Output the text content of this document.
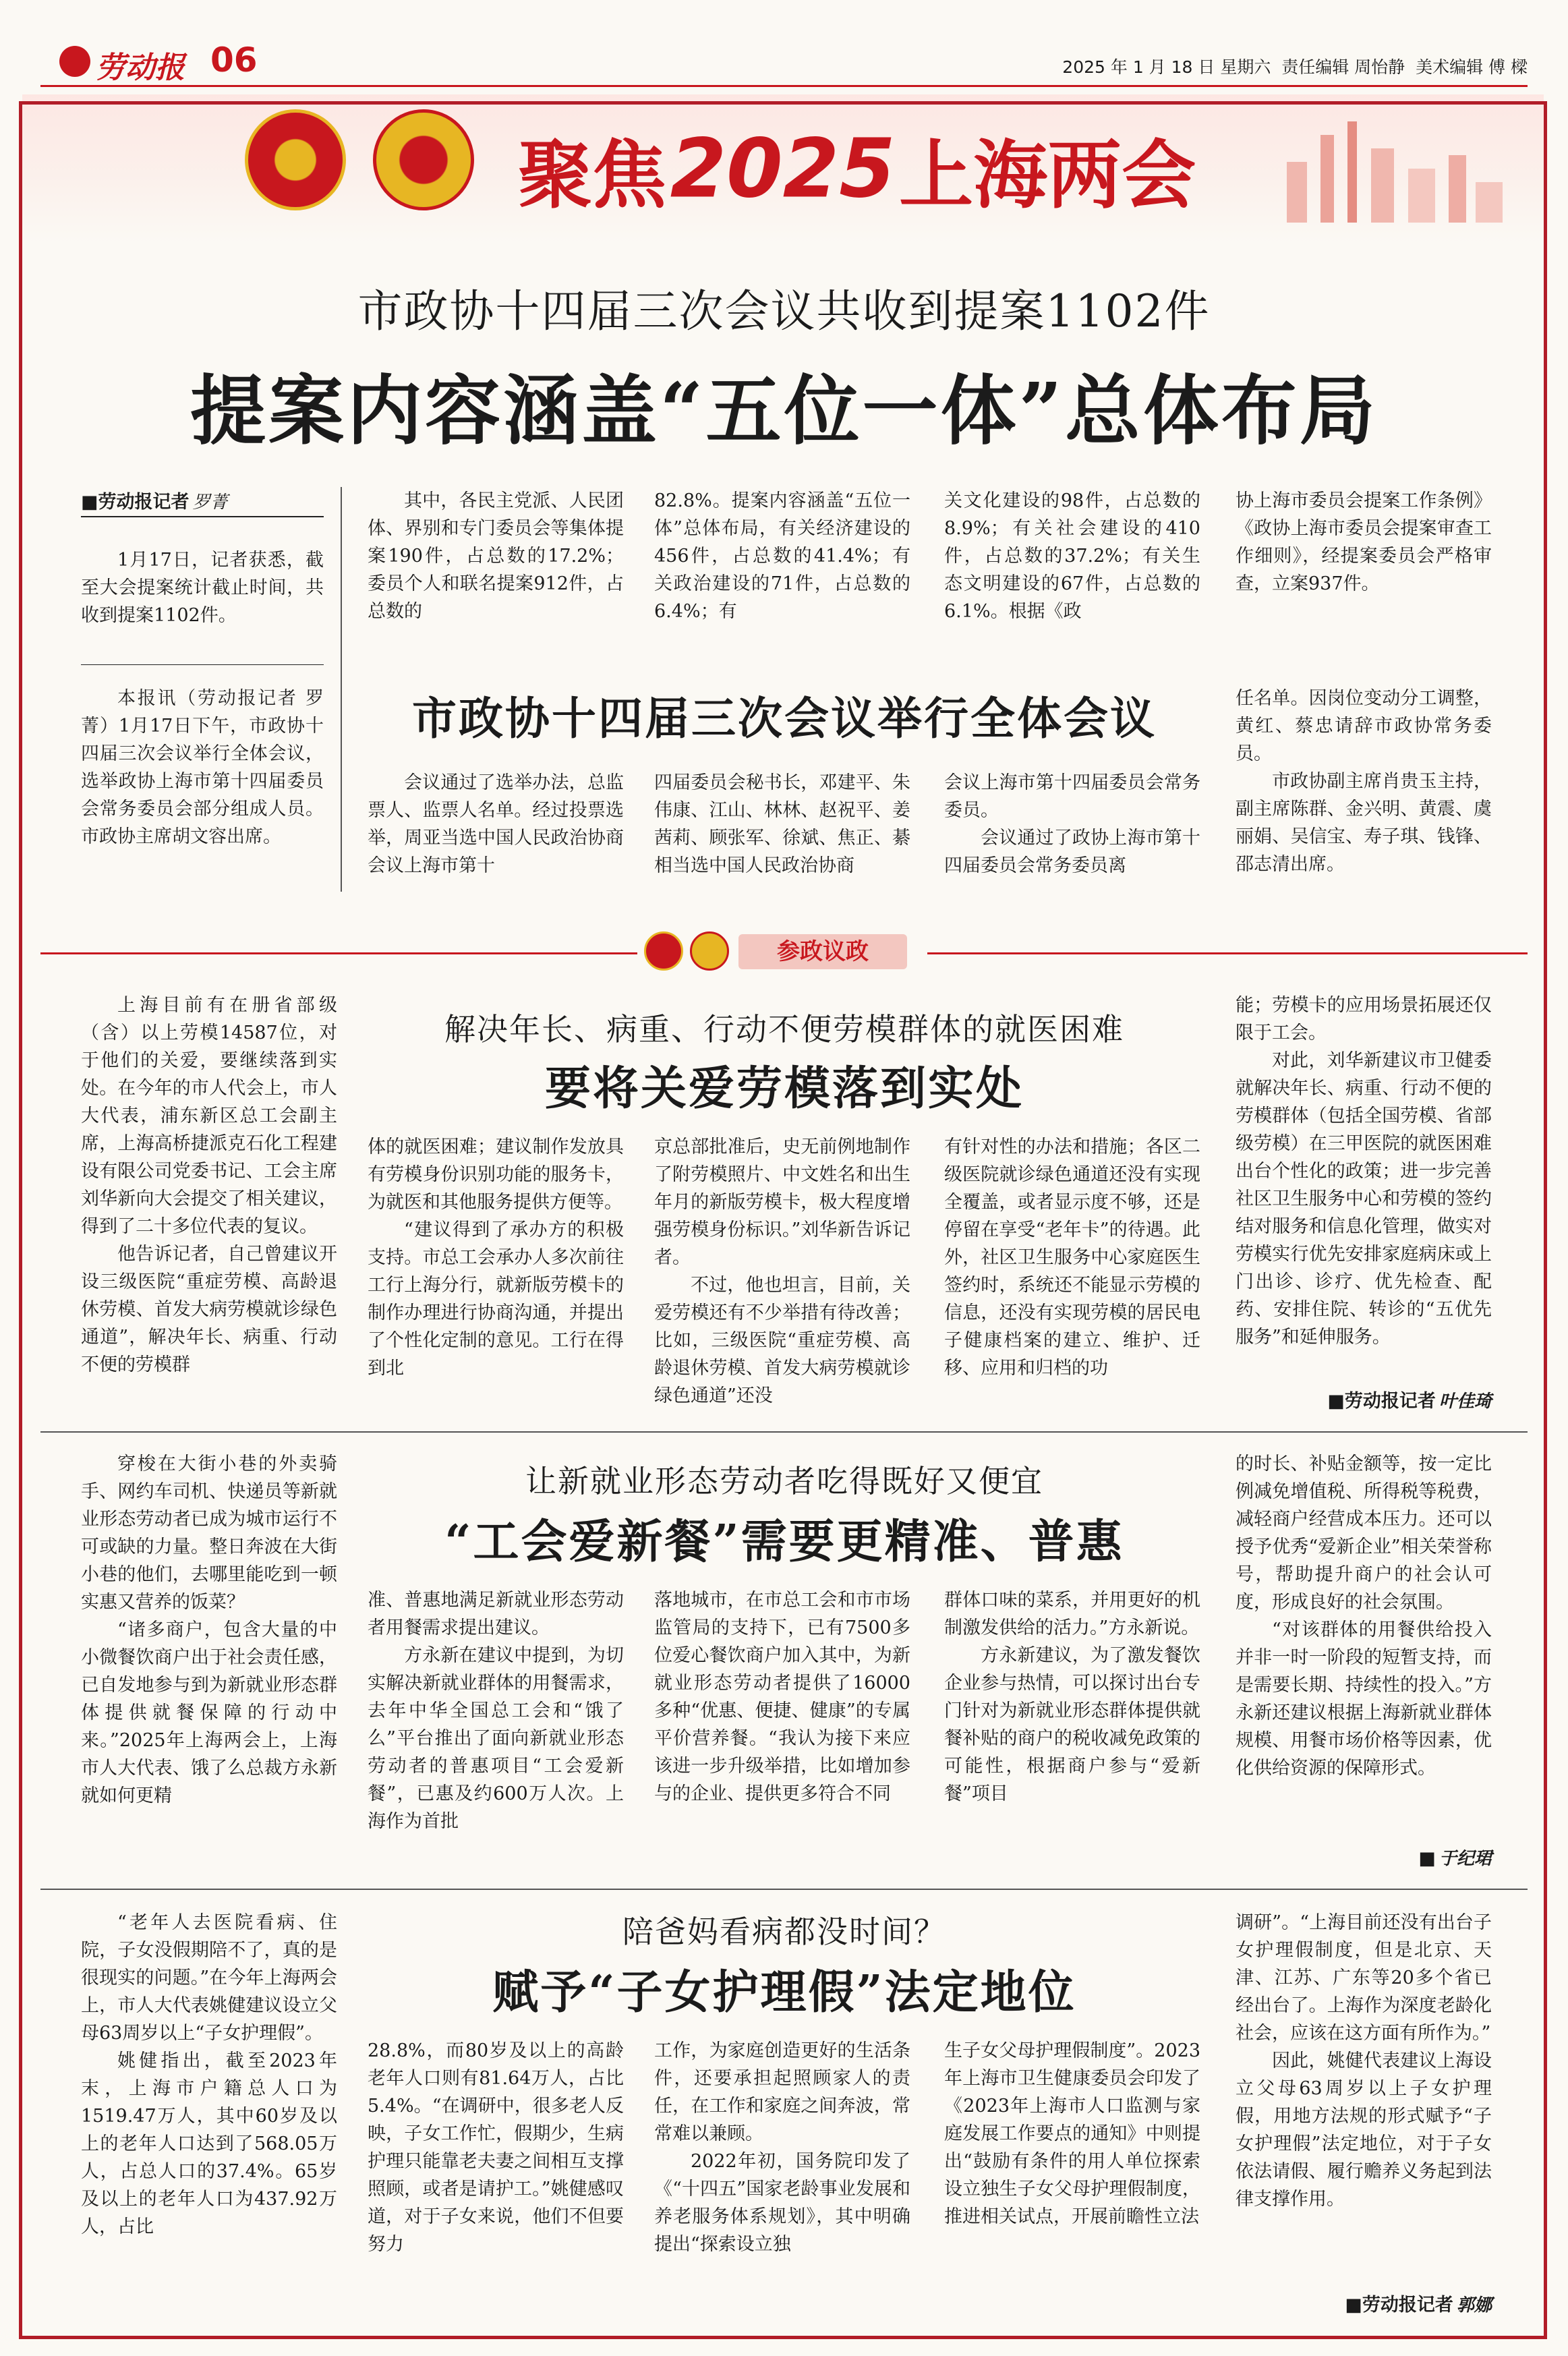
劳动报 06	2025 年 1 月 18 日 星期六 责任编辑 周怡静 美术编辑 傅 樑
聚焦 2025 上海两会
市政协十四届三次会议共收到提案1102件
提案内容涵盖“五位一体”总体布局
■劳动报记者 罗菁

1月17日，记者获悉，截至大会提案统计截止时间，共收到提案1102件。

其中，各民主党派、人民团体、界别和专门委员会等集体提案190件，占总数的17.2%；委员个人和联名提案912件，占总数的

82.8%。提案内容涵盖“五位一体”总体布局，有关经济建设的456件，占总数的41.4%；有关政治建设的71件，占总数的6.4%；有

关文化建设的98件，占总数的8.9%；有关社会建设的410件，占总数的37.2%；有关生态文明建设的67件，占总数的6.1%。根据《政

协上海市委员会提案工作条例》《政协上海市委员会提案审查工作细则》，经提案委员会严格审查，立案937件。

市政协十四届三次会议举行全体会议

本报讯（劳动报记者 罗菁）1月17日下午，市政协十四届三次会议举行全体会议，选举政协上海市第十四届委员会常务委员会部分组成人员。市政协主席胡文容出席。

会议通过了选举办法，总监票人、监票人名单。经过投票选举，周亚当选中国人民政治协商会议上海市第十

四届委员会秘书长，邓建平、朱伟康、江山、林林、赵祝平、姜茜莉、顾张军、徐斌、焦正、綦相当选中国人民政治协商

会议上海市第十四届委员会常务委员。

会议通过了政协上海市第十四届委员会常务委员离

任名单。因岗位变动分工调整，黄红、蔡忠请辞市政协常务委员。

市政协副主席肖贵玉主持，副主席陈群、金兴明、黄震、虞丽娟、吴信宝、寿子琪、钱锋、邵志清出席。

参政议政
解决年长、病重、行动不便劳模群体的就医困难
要将关爱劳模落到实处

上海目前有在册省部级（含）以上劳模14587位，对于他们的关爱，要继续落到实处。在今年的市人代会上，市人大代表，浦东新区总工会副主席，上海高桥捷派克石化工程建设有限公司党委书记、工会主席刘华新向大会提交了相关建议，得到了二十多位代表的复议。

他告诉记者，自己曾建议开设三级医院“重症劳模、高龄退休劳模、首发大病劳模就诊绿色通道”，解决年长、病重、行动不便的劳模群

体的就医困难；建议制作发放具有劳模身份识别功能的服务卡，为就医和其他服务提供方便等。

“建议得到了承办方的积极支持。市总工会承办人多次前往工行上海分行，就新版劳模卡的制作办理进行协商沟通，并提出了个性化定制的意见。工行在得到北

京总部批准后，史无前例地制作了附劳模照片、中文姓名和出生年月的新版劳模卡，极大程度增强劳模身份标识。”刘华新告诉记者。

不过，他也坦言，目前，关爱劳模还有不少举措有待改善；比如，三级医院“重症劳模、高龄退休劳模、首发大病劳模就诊绿色通道”还没

有针对性的办法和措施；各区二级医院就诊绿色通道还没有实现全覆盖，或者显示度不够，还是停留在享受“老年卡”的待遇。此外，社区卫生服务中心家庭医生签约时，系统还不能显示劳模的信息，还没有实现劳模的居民电子健康档案的建立、维护、迁移、应用和归档的功

能；劳模卡的应用场景拓展还仅限于工会。

对此，刘华新建议市卫健委就解决年长、病重、行动不便的劳模群体（包括全国劳模、省部级劳模）在三甲医院的就医困难出台个性化的政策；进一步完善社区卫生服务中心和劳模的签约结对服务和信息化管理，做实对劳模实行优先安排家庭病床或上门出诊、诊疗、优先检查、配药、安排住院、转诊的“五优先服务”和延伸服务。

■劳动报记者 叶佳琦
让新就业形态劳动者吃得既好又便宜
“工会爱新餐”需要更精准、普惠

穿梭在大街小巷的外卖骑手、网约车司机、快递员等新就业形态劳动者已成为城市运行不可或缺的力量。整日奔波在大街小巷的他们，去哪里能吃到一顿实惠又营养的饭菜？

“诸多商户，包含大量的中小微餐饮商户出于社会责任感，已自发地参与到为新就业形态群体提供就餐保障的行动中来。”2025年上海两会上，上海市人大代表、饿了么总裁方永新就如何更精

准、普惠地满足新就业形态劳动者用餐需求提出建议。

方永新在建议中提到，为切实解决新就业群体的用餐需求，去年中华全国总工会和“饿了么”平台推出了面向新就业形态劳动者的普惠项目“工会爱新餐”，已惠及约600万人次。上海作为首批

落地城市，在市总工会和市市场监管局的支持下，已有7500多位爱心餐饮商户加入其中，为新就业形态劳动者提供了16000多种“优惠、便捷、健康”的专属平价营养餐。“我认为接下来应该进一步升级举措，比如增加参与的企业、提供更多符合不同

群体口味的菜系，并用更好的机制激发供给的活力。”方永新说。

方永新建议，为了激发餐饮企业参与热情，可以探讨出台专门针对为新就业形态群体提供就餐补贴的商户的税收减免政策的可能性，根据商户参与“爱新餐”项目

的时长、补贴金额等，按一定比例减免增值税、所得税等税费，减轻商户经营成本压力。还可以授予优秀“爱新企业”相关荣誉称号，帮助提升商户的社会认可度，形成良好的社会氛围。

“对该群体的用餐供给投入并非一时一阶段的短暂支持，而是需要长期、持续性的投入。”方永新还建议根据上海新就业群体规模、用餐市场价格等因素，优化供给资源的保障形式。

■ 于纪珺
陪爸妈看病都没时间？
赋予“子女护理假”法定地位

“老年人去医院看病、住院，子女没假期陪不了，真的是很现实的问题。”在今年上海两会上，市人大代表姚健建议设立父母63周岁以上“子女护理假”。

姚健指出，截至2023年末，上海市户籍总人口为1519.47万人，其中60岁及以上的老年人口达到了568.05万人，占总人口的37.4%。65岁及以上的老年人口为437.92万人，占比

28.8%，而80岁及以上的高龄老年人口则有81.64万人，占比5.4%。“在调研中，很多老人反映，子女工作忙，假期少，生病护理只能靠老夫妻之间相互支撑照顾，或者是请护工。”姚健感叹道，对于子女来说，他们不但要努力

工作，为家庭创造更好的生活条件，还要承担起照顾家人的责任，在工作和家庭之间奔波，常常难以兼顾。

2022年初，国务院印发了《“十四五”国家老龄事业发展和养老服务体系规划》，其中明确提出“探索设立独

生子女父母护理假制度”。2023年上海市卫生健康委员会印发了《2023年上海市人口监测与家庭发展工作要点的通知》中则提出“鼓励有条件的用人单位探索设立独生子女父母护理假制度，推进相关试点，开展前瞻性立法

调研”。“上海目前还没有出台子女护理假制度，但是北京、天津、江苏、广东等20多个省已经出台了。上海作为深度老龄化社会，应该在这方面有所作为。”

因此，姚健代表建议上海设立父母63周岁以上子女护理假，用地方法规的形式赋予“子女护理假”法定地位，对于子女依法请假、履行赡养义务起到法律支撑作用。

■劳动报记者 郭娜
